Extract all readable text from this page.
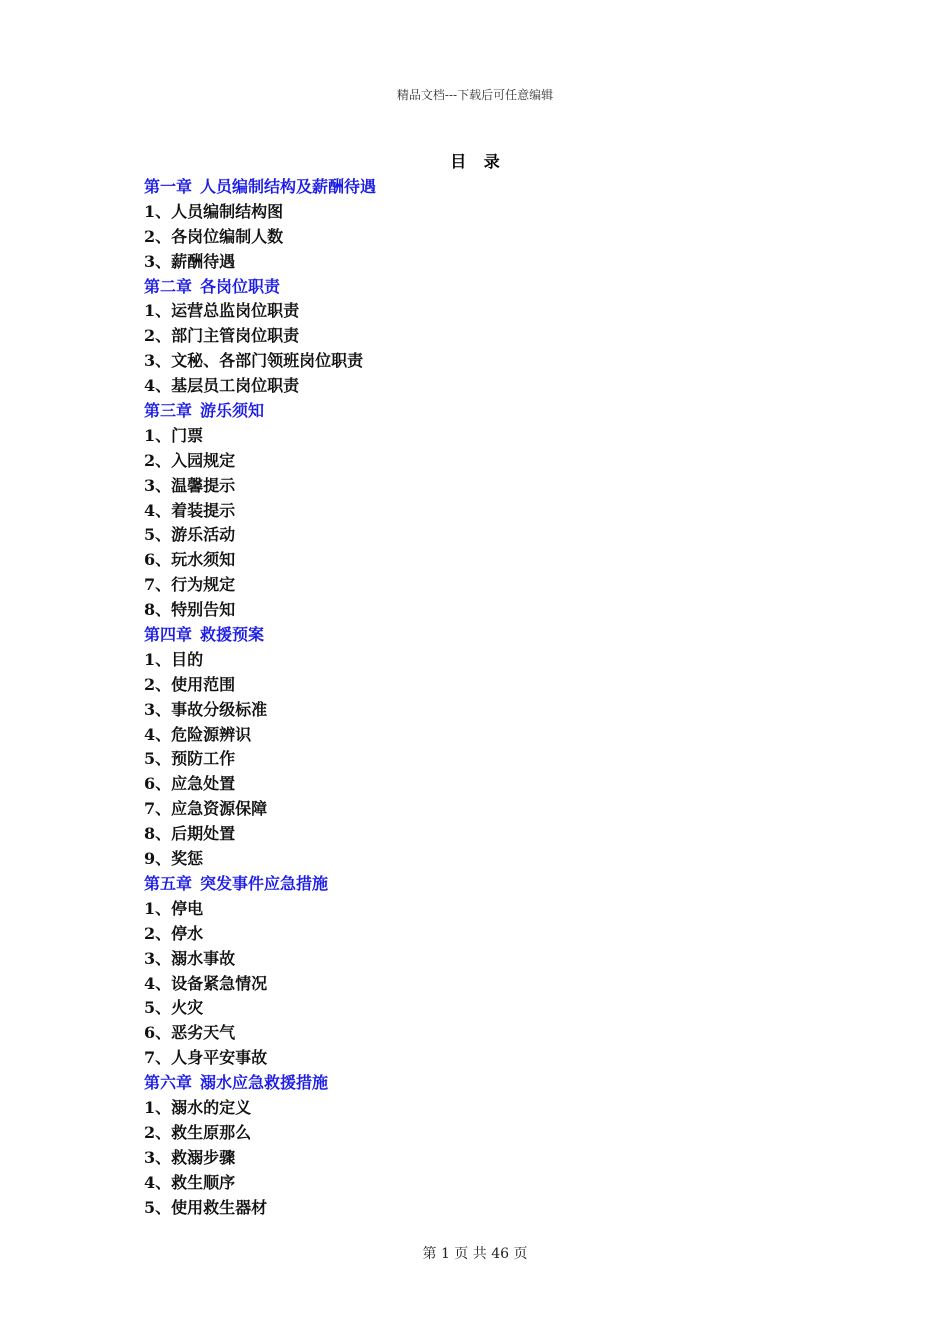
精品文档---下载后可任意编辑
目 录
第一章 人员编制结构及薪酬待遇
1、人员编制结构图
2、各岗位编制人数
3、薪酬待遇
第二章 各岗位职责
1、运营总监岗位职责
2、部门主管岗位职责
3、文秘、各部门领班岗位职责
4、基层员工岗位职责
第三章 游乐须知
1、门票
2、入园规定
3、温馨提示
4、着装提示
5、游乐活动
6、玩水须知
7、行为规定
8、特别告知
第四章 救援预案
1、目的
2、使用范围
3、事故分级标准
4、危险源辨识
5、预防工作
6、应急处置
7、应急资源保障
8、后期处置
9、奖惩
第五章 突发事件应急措施
1、停电
2、停水
3、溺水事故
4、设备紧急情况
5、火灾
6、恶劣天气
7、人身平安事故
第六章 溺水应急救援措施
1、溺水的定义
2、救生原那么
3、救溺步骤
4、救生顺序
5、使用救生器材
第 1 页 共 46 页
